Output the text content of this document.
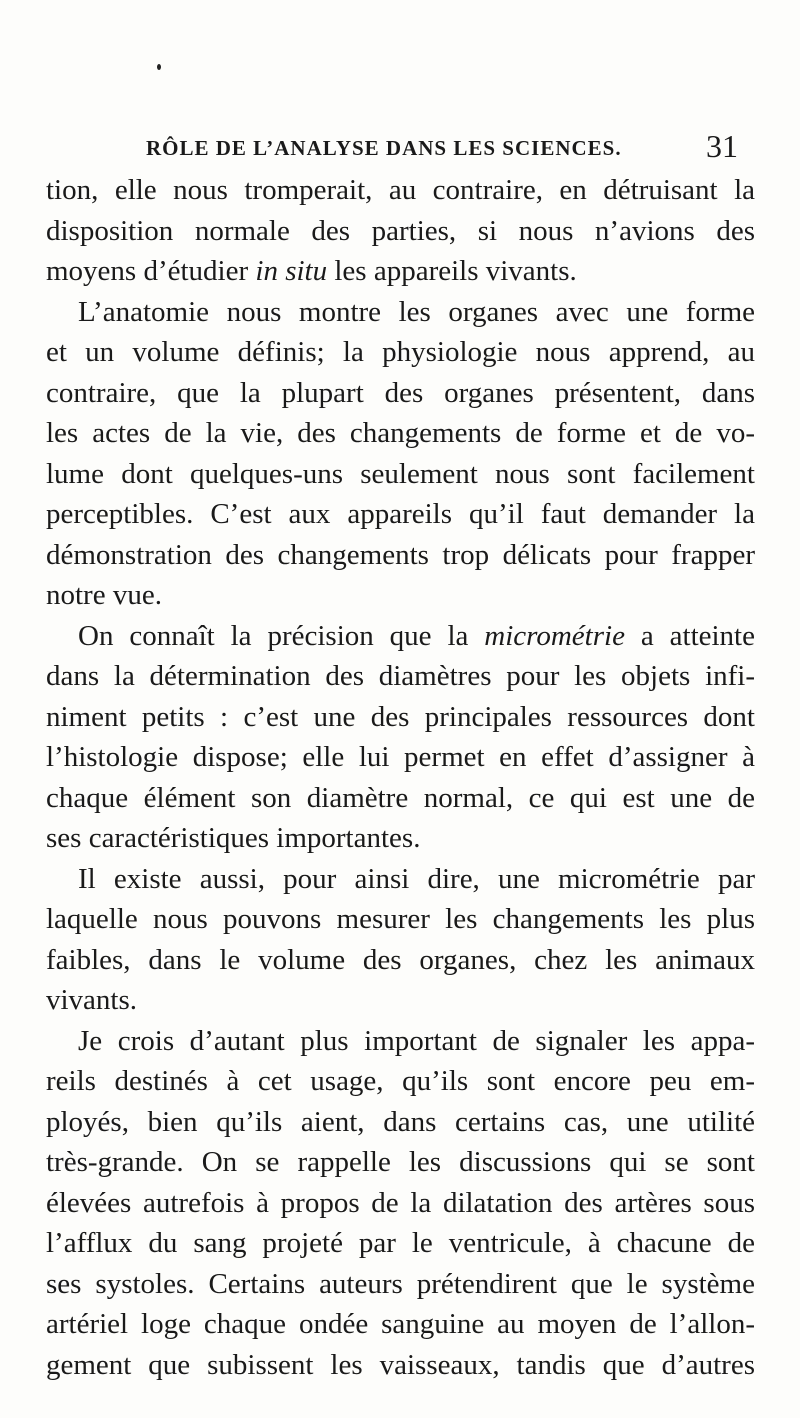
RÔLE DE L’ANALYSE DANS LES SCIENCES.	31
tion, elle nous tromperait, au contraire, en détruisant la
disposition normale des parties, si nous n’avions des
moyens d’étudier in situ les appareils vivants.
L’anatomie nous montre les organes avec une forme
et un volume définis; la physiologie nous apprend, au
contraire, que la plupart des organes présentent, dans
les actes de la vie, des changements de forme et de vo-
lume dont quelques-uns seulement nous sont facilement
perceptibles. C’est aux appareils qu’il faut demander la
démonstration des changements trop délicats pour frapper
notre vue.
On connaît la précision que la micrométrie a atteinte
dans la détermination des diamètres pour les objets infi-
niment petits : c’est une des principales ressources dont
l’histologie dispose; elle lui permet en effet d’assigner à
chaque élément son diamètre normal, ce qui est une de
ses caractéristiques importantes.
Il existe aussi, pour ainsi dire, une micrométrie par
laquelle nous pouvons mesurer les changements les plus
faibles, dans le volume des organes, chez les animaux
vivants.
Je crois d’autant plus important de signaler les appa-
reils destinés à cet usage, qu’ils sont encore peu em-
ployés, bien qu’ils aient, dans certains cas, une utilité
très-grande. On se rappelle les discussions qui se sont
élevées autrefois à propos de la dilatation des artères sous
l’afflux du sang projeté par le ventricule, à chacune de
ses systoles. Certains auteurs prétendirent que le système
artériel loge chaque ondée sanguine au moyen de l’allon-
gement que subissent les vaisseaux, tandis que d’autres
